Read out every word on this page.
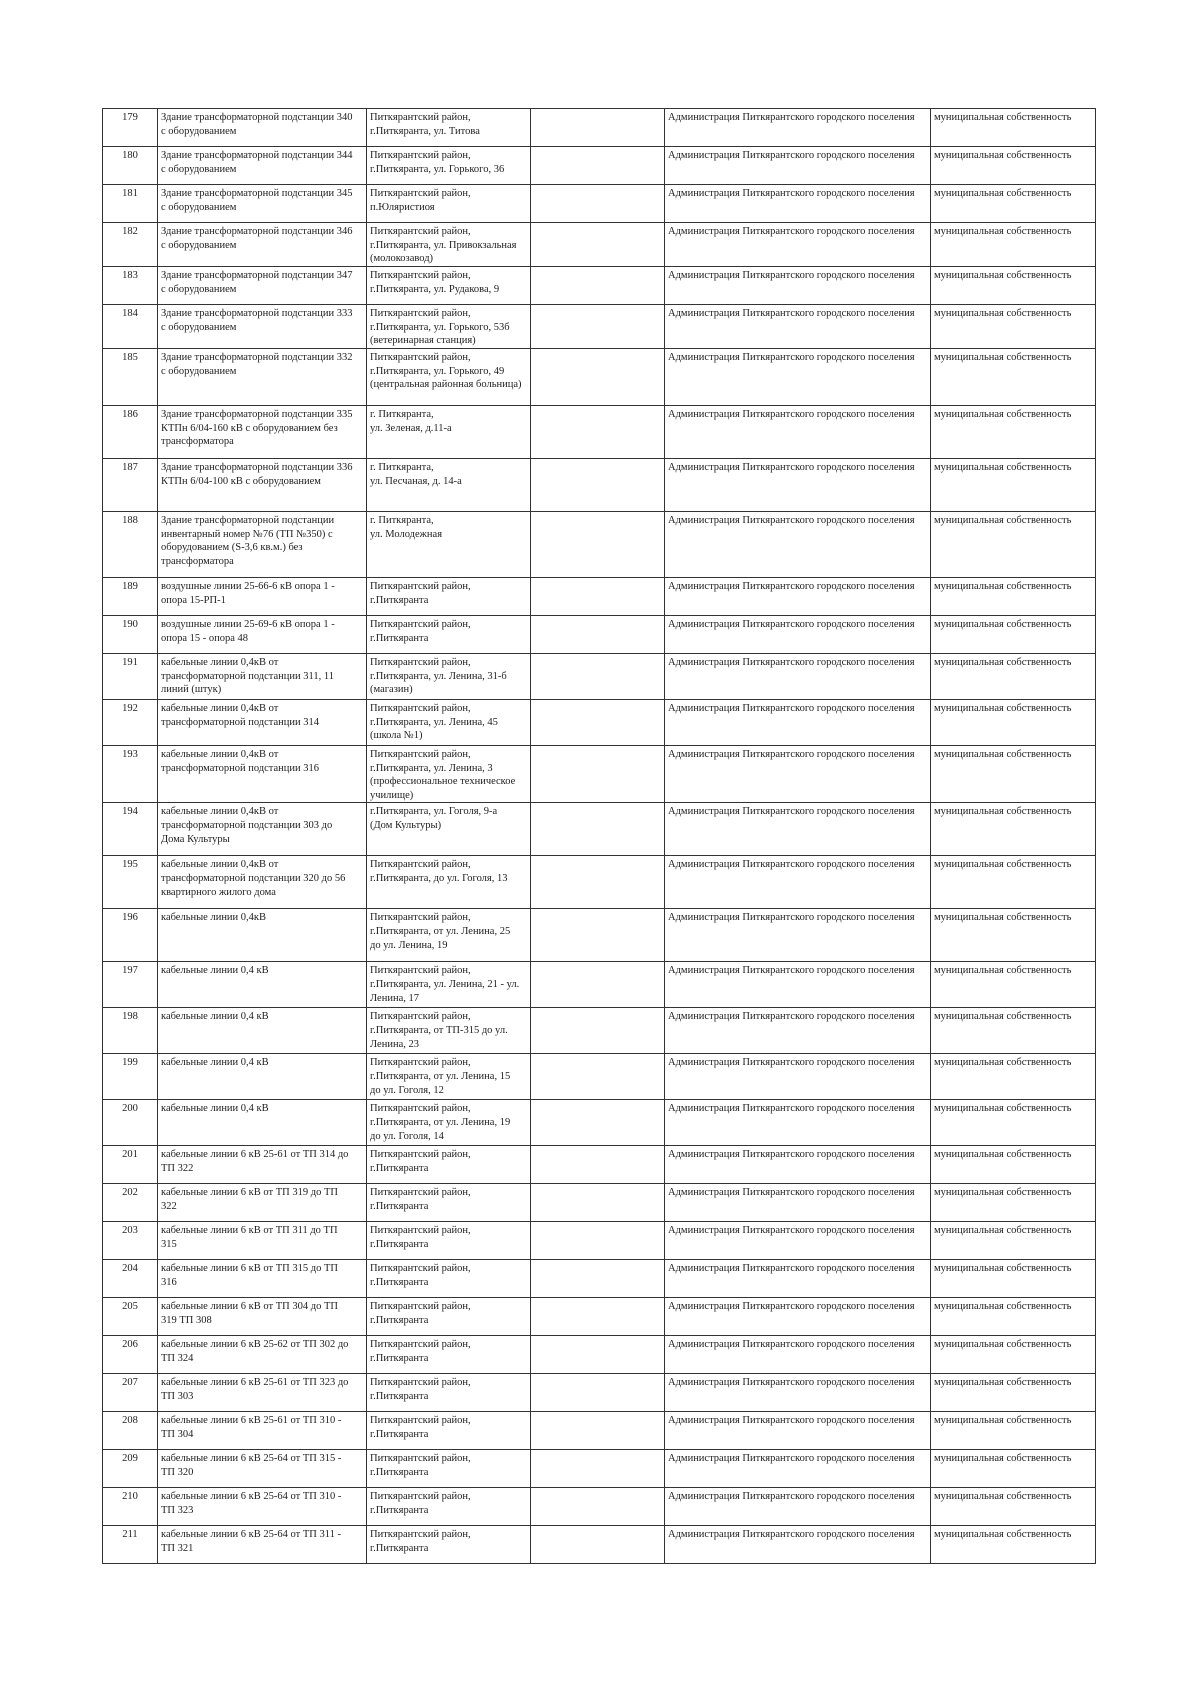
179	Здание трансформаторной подстанции 340
с оборудованием	Питкярантский район,
г.Питкяранта, ул. Титова		Администрация Питкярантского городского поселения	муниципальная собственность
180	Здание трансформаторной подстанции 344
с оборудованием	Питкярантский район,
г.Питкяранта, ул. Горького, 36		Администрация Питкярантского городского поселения	муниципальная собственность
181	Здание трансформаторной подстанции 345
с оборудованием	Питкярантский район,
п.Юляристиоя		Администрация Питкярантского городского поселения	муниципальная собственность
182	Здание трансформаторной подстанции 346
с оборудованием	Питкярантский район,
г.Питкяранта, ул. Привокзальная
(молокозавод)		Администрация Питкярантского городского поселения	муниципальная собственность
183	Здание трансформаторной подстанции 347
с оборудованием	Питкярантский район,
г.Питкяранта, ул. Рудакова, 9		Администрация Питкярантского городского поселения	муниципальная собственность
184	Здание трансформаторной подстанции 333
с оборудованием	Питкярантский район,
г.Питкяранта, ул. Горького, 53б
(ветеринарная станция)		Администрация Питкярантского городского поселения	муниципальная собственность
185	Здание трансформаторной подстанции 332
с оборудованием	Питкярантский район,
г.Питкяранта, ул. Горького, 49
(центральная районная больница)		Администрация Питкярантского городского поселения	муниципальная собственность
186	Здание трансформаторной подстанции 335
КТПн 6/04-160 кВ с оборудованием без
трансформатора	г. Питкяранта,
ул. Зеленая, д.11-а		Администрация Питкярантского городского поселения	муниципальная собственность
187	Здание трансформаторной подстанции 336
КТПн 6/04-100 кВ с оборудованием	г. Питкяранта,
ул. Песчаная, д. 14-а		Администрация Питкярантского городского поселения	муниципальная собственность
188	Здание трансформаторной подстанции
инвентарный номер №76 (ТП №350) с
оборудованием (S-3,6 кв.м.) без
трансформатора	г. Питкяранта,
ул. Молодежная		Администрация Питкярантского городского поселения	муниципальная собственность
189	воздушные линии 25-66-6 кВ опора 1 -
опора 15-РП-1	Питкярантский район,
г.Питкяранта		Администрация Питкярантского городского поселения	муниципальная собственность
190	воздушные линии 25-69-6 кВ опора 1 -
опора 15 - опора 48	Питкярантский район,
г.Питкяранта		Администрация Питкярантского городского поселения	муниципальная собственность
191	кабельные линии 0,4кВ от
трансформаторной подстанции 311, 11
линий (штук)	Питкярантский район,
г.Питкяранта, ул. Ленина, 31-б
(магазин)		Администрация Питкярантского городского поселения	муниципальная собственность
192	кабельные линии 0,4кВ от
трансформаторной подстанции 314	Питкярантский район,
г.Питкяранта, ул. Ленина, 45
(школа №1)		Администрация Питкярантского городского поселения	муниципальная собственность
193	кабельные линии 0,4кВ от
трансформаторной подстанции 316	Питкярантский район,
г.Питкяранта, ул. Ленина, 3
(профессиональное техническое
училище)		Администрация Питкярантского городского поселения	муниципальная собственность
194	кабельные линии 0,4кВ от
трансформаторной подстанции 303 до
Дома Культуры	г.Питкяранта, ул. Гоголя, 9-а
(Дом Культуры)		Администрация Питкярантского городского поселения	муниципальная собственность
195	кабельные линии 0,4кВ от
трансформаторной подстанции 320 до 56
квартирного жилого дома	Питкярантский район,
г.Питкяранта, до ул. Гоголя, 13		Администрация Питкярантского городского поселения	муниципальная собственность
196	кабельные линии 0,4кВ	Питкярантский район,
г.Питкяранта, от ул. Ленина, 25
до ул. Ленина, 19		Администрация Питкярантского городского поселения	муниципальная собственность
197	кабельные линии 0,4 кВ	Питкярантский район,
г.Питкяранта, ул. Ленина, 21 - ул.
Ленина, 17		Администрация Питкярантского городского поселения	муниципальная собственность
198	кабельные линии 0,4 кВ	Питкярантский район,
г.Питкяранта, от ТП-315 до ул.
Ленина, 23		Администрация Питкярантского городского поселения	муниципальная собственность
199	кабельные линии 0,4 кВ	Питкярантский район,
г.Питкяранта, от ул. Ленина, 15
до ул. Гоголя, 12		Администрация Питкярантского городского поселения	муниципальная собственность
200	кабельные линии 0,4 кВ	Питкярантский район,
г.Питкяранта, от ул. Ленина, 19
до ул. Гоголя, 14		Администрация Питкярантского городского поселения	муниципальная собственность
201	кабельные линии 6 кВ 25-61 от ТП 314 до
ТП 322	Питкярантский район,
г.Питкяранта		Администрация Питкярантского городского поселения	муниципальная собственность
202	кабельные линии 6 кВ от ТП 319 до ТП
322	Питкярантский район,
г.Питкяранта		Администрация Питкярантского городского поселения	муниципальная собственность
203	кабельные линии 6 кВ от ТП 311 до ТП
315	Питкярантский район,
г.Питкяранта		Администрация Питкярантского городского поселения	муниципальная собственность
204	кабельные линии 6 кВ от ТП 315 до ТП
316	Питкярантский район,
г.Питкяранта		Администрация Питкярантского городского поселения	муниципальная собственность
205	кабельные линии 6 кВ от ТП 304 до ТП
319 ТП 308	Питкярантский район,
г.Питкяранта		Администрация Питкярантского городского поселения	муниципальная собственность
206	кабельные линии 6 кВ 25-62 от ТП 302 до
ТП 324	Питкярантский район,
г.Питкяранта		Администрация Питкярантского городского поселения	муниципальная собственность
207	кабельные линии 6 кВ 25-61 от ТП 323 до
ТП 303	Питкярантский район,
г.Питкяранта		Администрация Питкярантского городского поселения	муниципальная собственность
208	кабельные линии 6 кВ 25-61 от ТП 310 -
ТП 304	Питкярантский район,
г.Питкяранта		Администрация Питкярантского городского поселения	муниципальная собственность
209	кабельные линии 6 кВ 25-64 от ТП 315 -
ТП 320	Питкярантский район,
г.Питкяранта		Администрация Питкярантского городского поселения	муниципальная собственность
210	кабельные линии 6 кВ 25-64 от ТП 310 -
ТП 323	Питкярантский район,
г.Питкяранта		Администрация Питкярантского городского поселения	муниципальная собственность
211	кабельные линии 6 кВ 25-64 от ТП 311 -
ТП 321	Питкярантский район,
г.Питкяранта		Администрация Питкярантского городского поселения	муниципальная собственность
